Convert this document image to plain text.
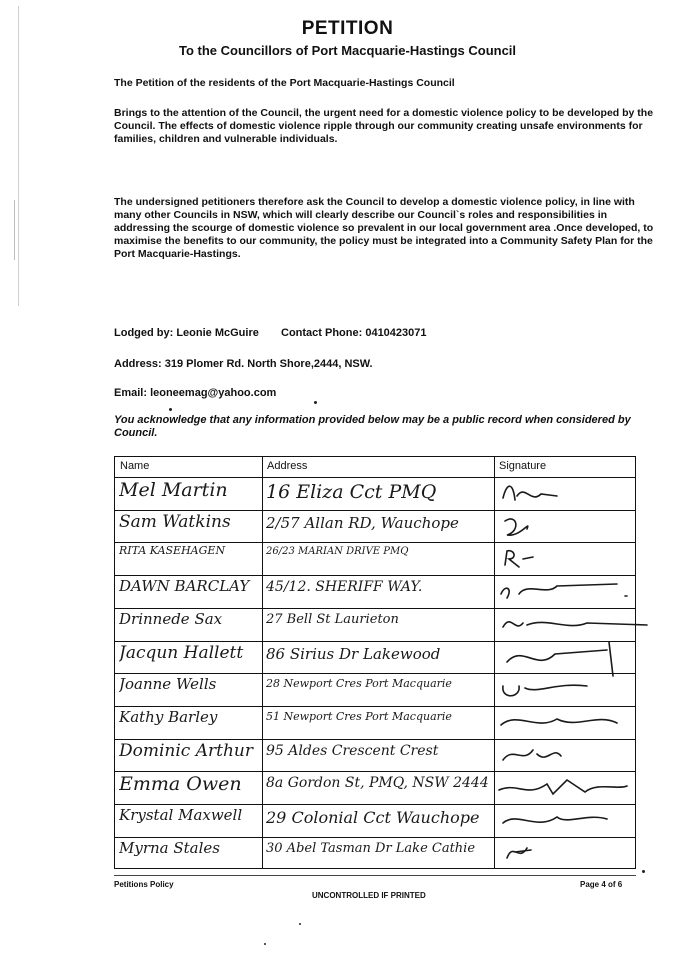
PETITION
To the Councillors of Port Macquarie-Hastings Council
The Petition of the residents of the Port Macquarie-Hastings Council
Brings to the attention of the Council, the urgent need for a domestic violence policy to be developed by the Council. The effects of domestic violence ripple through our community creating unsafe environments for families, children and vulnerable individuals.
The undersigned petitioners therefore ask the Council to develop a domestic violence policy, in line with many other Councils in NSW, which will clearly describe our Council`s roles and responsibilities in addressing the scourge of domestic violence so prevalent in our local government area .Once developed, to maximise the benefits to our community, the policy must be integrated into a Community Safety Plan for the Port Macquarie-Hastings.
Lodged by: Leonie McGuire Contact Phone: 0410423071
Address: 319 Plomer Rd. North Shore,2444, NSW.
Email: leoneemag@yahoo.com
You acknowledge that any information provided below may be a public record when considered by Council.
Name	Address	Signature
Mel Martin	16 Eliza Cct PMQ
Sam Watkins	2/57 Allan RD, Wauchope
RITA KASEHAGEN	26/23 MARIAN DRIVE PMQ
DAWN BARCLAY	45/12. SHERIFF WAY.
Drinnede Sax	27 Bell St Laurieton
Jacqun Hallett	86 Sirius Dr Lakewood
Joanne Wells	28 Newport Cres Port Macquarie
Kathy Barley	51 Newport Cres Port Macquarie
Dominic Arthur 95 Aldes Crescent Crest
Emma Owen	8a Gordon St, PMQ, NSW 2444
Krystal Maxwell	29 Colonial Cct Wauchope
Myrna Stales	30 Abel Tasman Dr Lake Cathie
Petitions Policy
UNCONTROLLED IF PRINTED
Page 4 of 6
